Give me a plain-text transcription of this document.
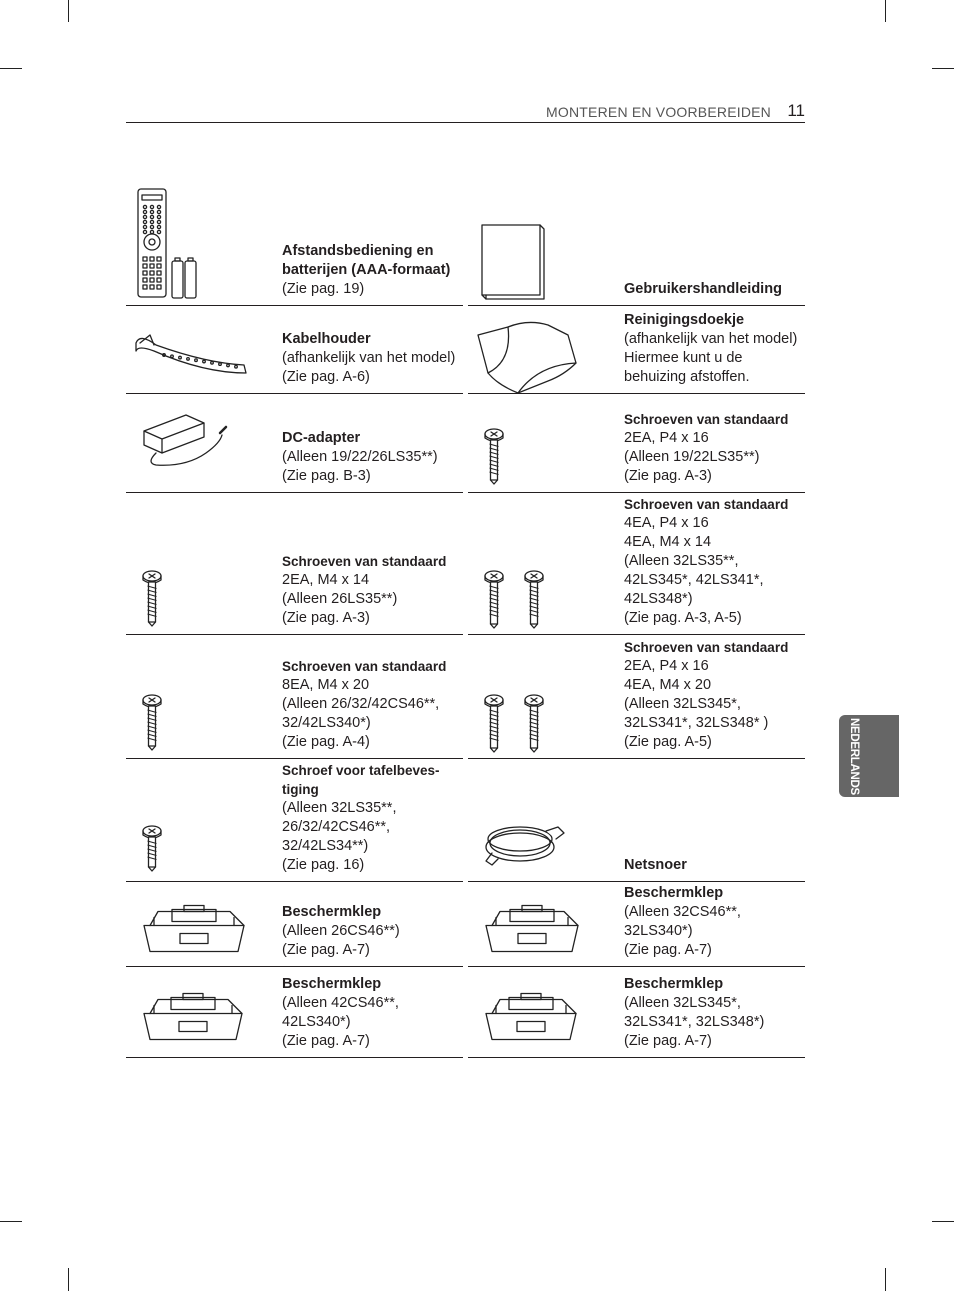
MONTEREN EN VOORBEREIDEN 11
NEDERLANDS
Afstandsbediening en batterijen (AAA-formaat)
(Zie pag. 19)	Gebruikershandleiding
Kabelhouder
(afhankelijk van het model)
(Zie pag. A-6)
Reinigingsdoekje
(afhankelijk van het model)
Hiermee kunt u de
behuizing afstoffen.
DC-adapter
(Alleen 19/22/26LS35**)
(Zie pag. B-3)
Schroeven van standaard
2EA, P4 x 16
(Alleen 19/22LS35**)
(Zie pag. A-3)
Schroeven van standaard
2EA, M4 x 14
(Alleen 26LS35**)
(Zie pag. A-3)
Schroeven van standaard
4EA, P4 x 16
4EA, M4 x 14
(Alleen 32LS35**,
42LS345*, 42LS341*,
42LS348*)
(Zie pag. A-3, A-5)
Schroeven van standaard
8EA, M4 x 20
(Alleen 26/32/42CS46**,
32/42LS340*)
(Zie pag. A-4)
Schroeven van standaard
2EA, P4 x 16
4EA, M4 x 20
(Alleen 32LS345*,
32LS341*, 32LS348* )
(Zie pag. A-5)
Schroef voor tafelbeves-
tiging
(Alleen 32LS35**,
26/32/42CS46**,
32/42LS34**)
(Zie pag. 16)	Netsnoer
Beschermklep
(Alleen 26CS46**)
(Zie pag. A-7)
Beschermklep
(Alleen 32CS46**,
32LS340*)
(Zie pag. A-7)
Beschermklep
(Alleen 42CS46**,
42LS340*)
(Zie pag. A-7)
Beschermklep
(Alleen 32LS345*,
32LS341*, 32LS348*)
(Zie pag. A-7)
